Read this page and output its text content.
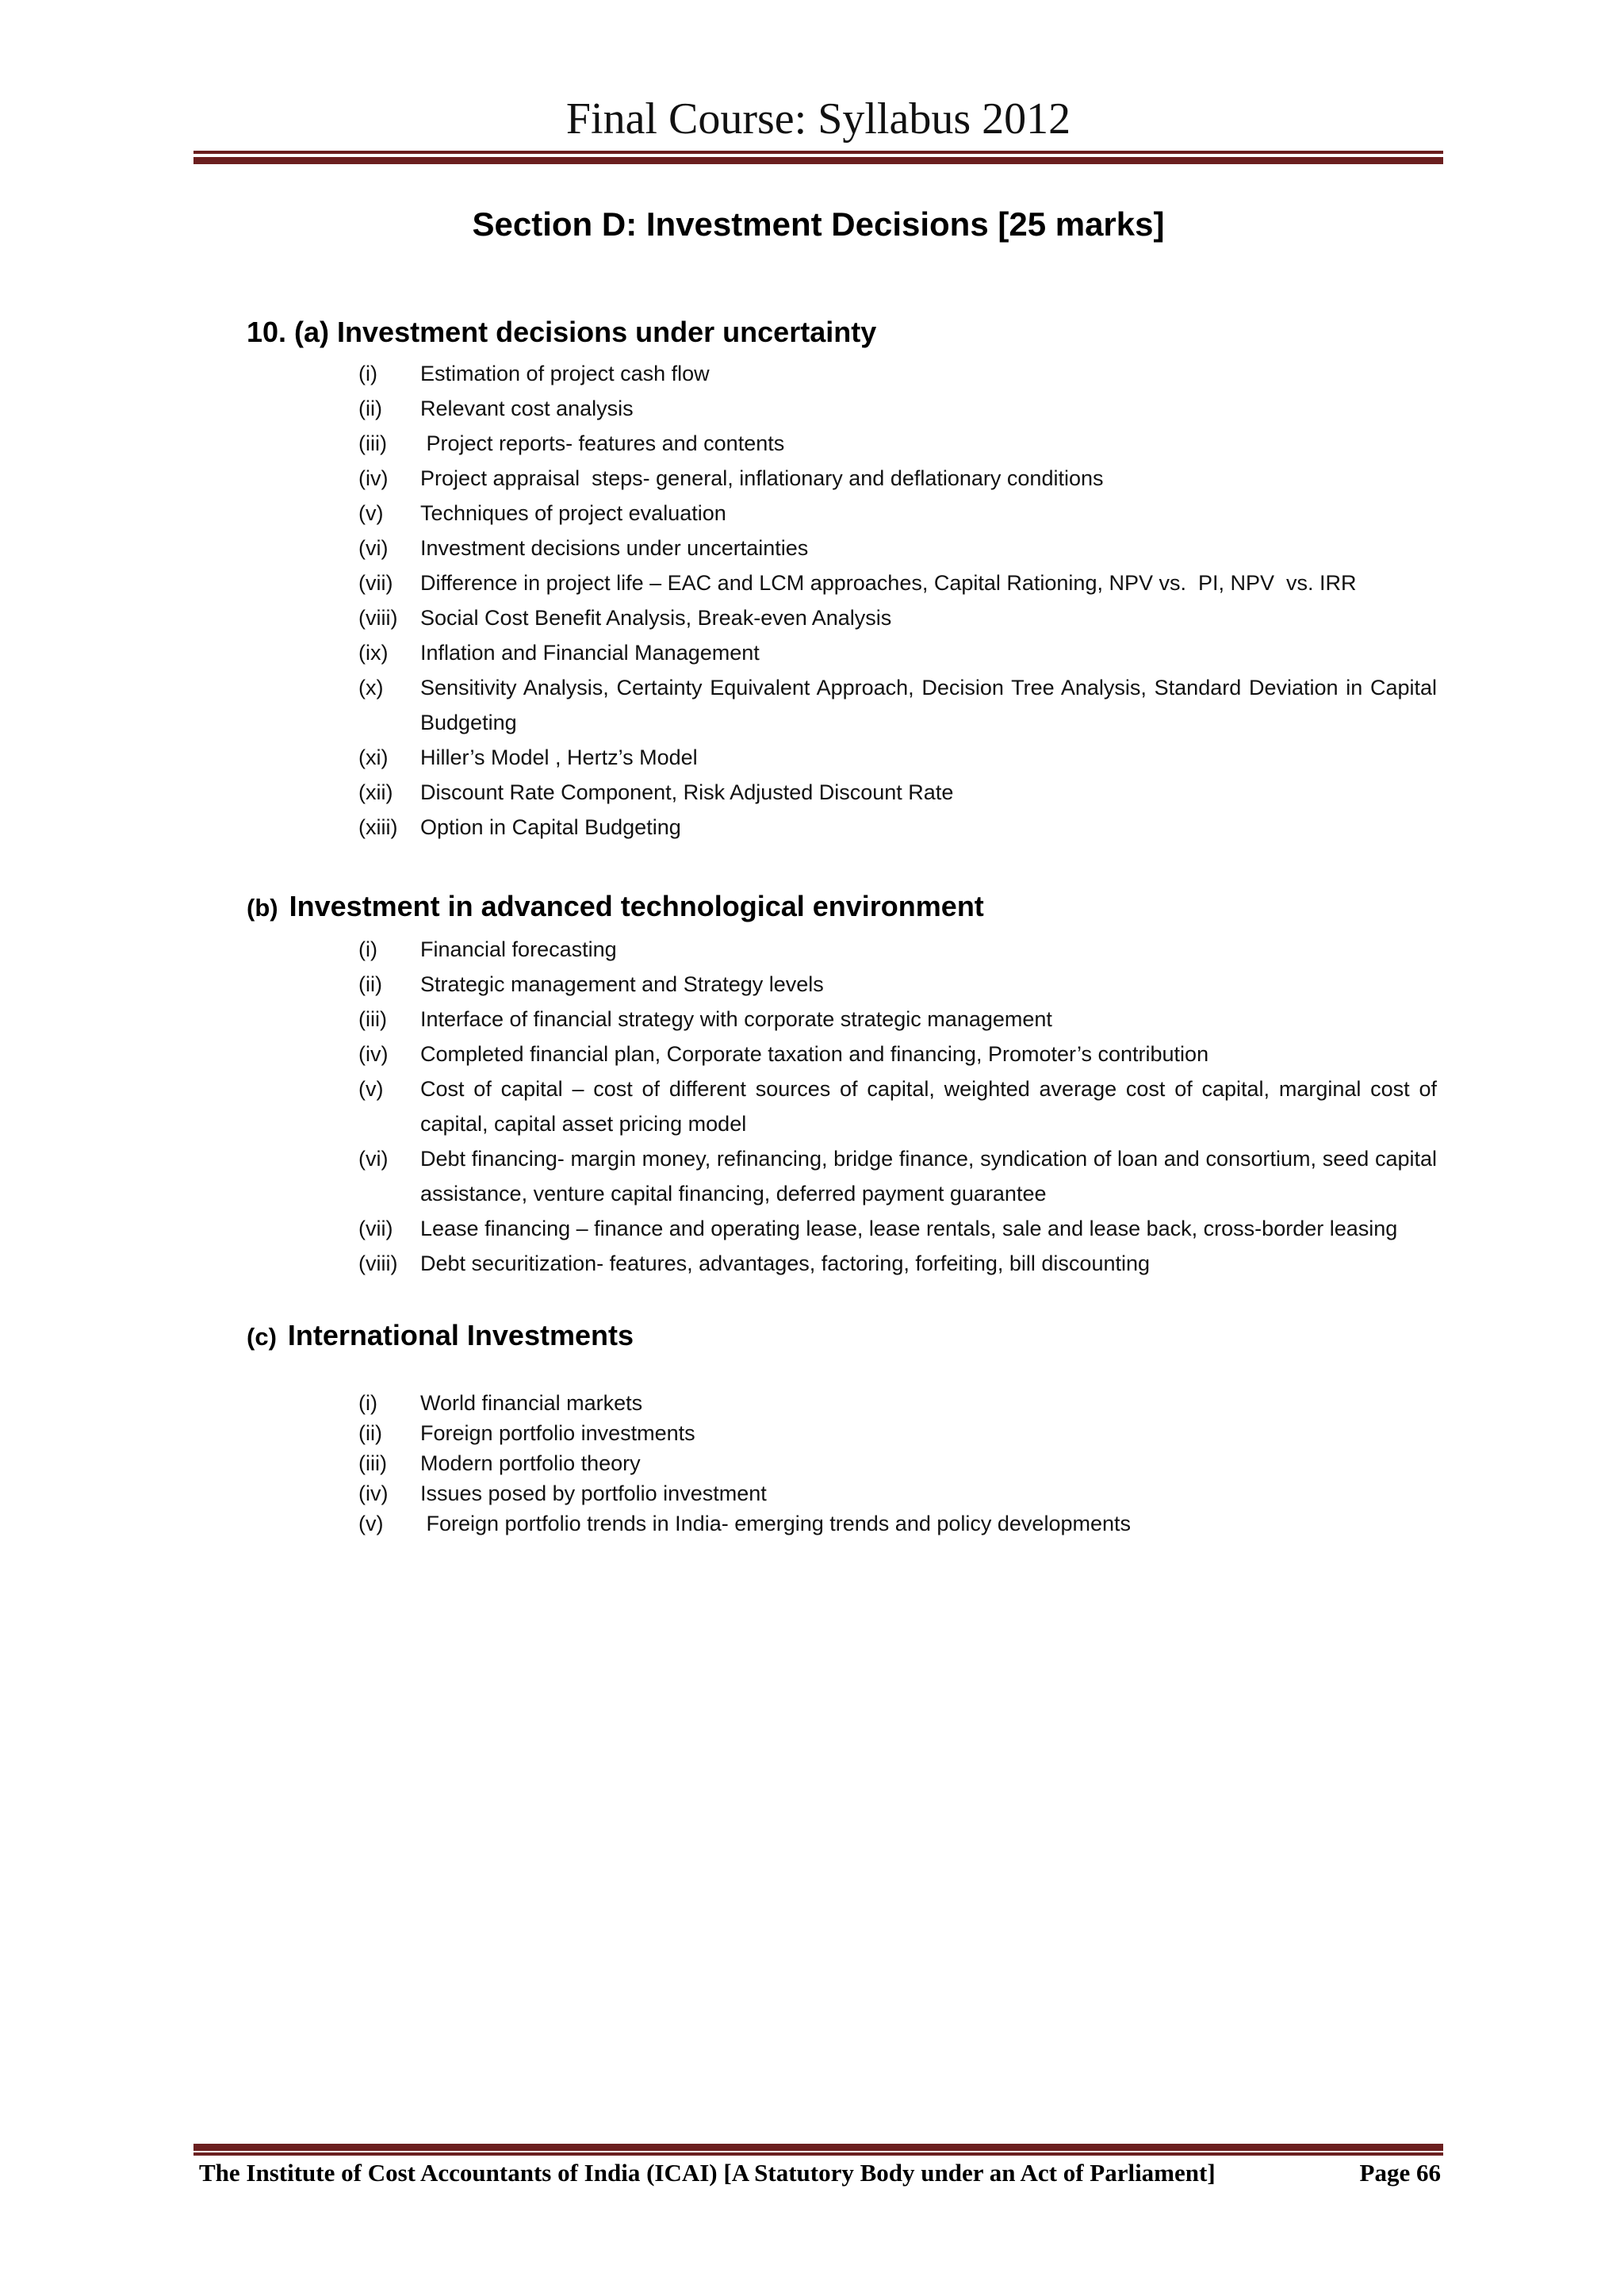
Final Course: Syllabus 2012
Section D: Investment Decisions [25 marks]
10. (a) Investment decisions under uncertainty
(i) Estimation of project cash flow
(ii) Relevant cost analysis
(iii) Project reports- features and contents
(iv) Project appraisal  steps- general, inflationary and deflationary conditions
(v) Techniques of project evaluation
(vi) Investment decisions under uncertainties
(vii) Difference in project life – EAC and LCM approaches, Capital Rationing, NPV vs.  PI, NPV  vs. IRR
(viii) Social Cost Benefit Analysis, Break-even Analysis
(ix) Inflation and Financial Management
(x) Sensitivity Analysis, Certainty Equivalent Approach, Decision Tree Analysis, Standard Deviation in Capital Budgeting
(xi) Hiller’s Model , Hertz’s Model
(xii) Discount Rate Component, Risk Adjusted Discount Rate
(xiii) Option in Capital Budgeting
(b) Investment in advanced technological environment
(i) Financial forecasting
(ii) Strategic management and Strategy levels
(iii) Interface of financial strategy with corporate strategic management
(iv) Completed financial plan, Corporate taxation and financing, Promoter’s contribution
(v) Cost of capital – cost of different sources of capital, weighted average cost of capital, marginal cost of capital, capital asset pricing model
(vi) Debt financing- margin money, refinancing, bridge finance, syndication of loan and consortium, seed capital assistance, venture capital financing, deferred payment guarantee
(vii) Lease financing – finance and operating lease, lease rentals, sale and lease back, cross-border leasing
(viii) Debt securitization- features, advantages, factoring, forfeiting, bill discounting
(c) International Investments
(i) World financial markets
(ii) Foreign portfolio investments
(iii) Modern portfolio theory
(iv) Issues posed by portfolio investment
(v) Foreign portfolio trends in India- emerging trends and policy developments
The Institute of Cost Accountants of India (ICAI) [A Statutory Body under an Act of Parliament]	Page 66
